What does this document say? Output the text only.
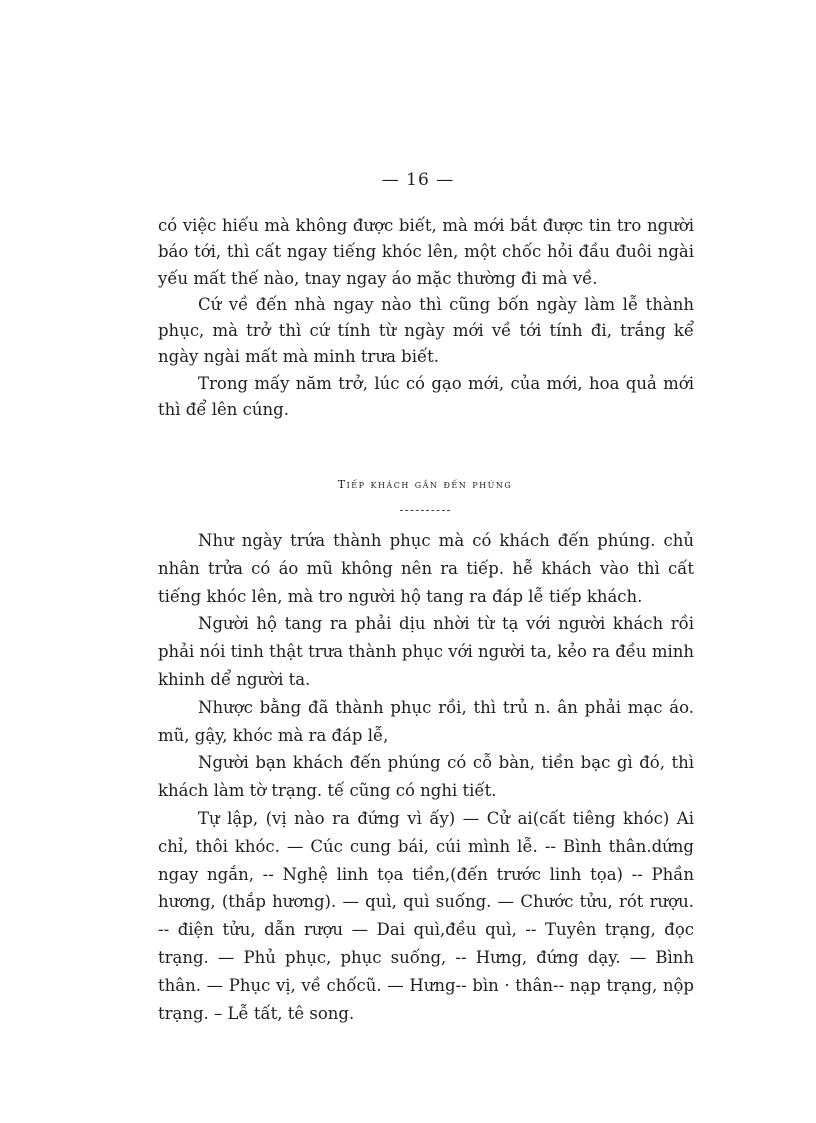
— 16 —

có việc hiếu mà không được biết, mà mới bắt được tin tro người báo tới, thì cất ngay tiếng khóc lên, một chốc hỏi đầu đuôi ngài yếu mất thế nào, tnay ngay áo mặc thường đi mà về.

Cứ về đến nhà ngay nào thì cũng bốn ngày làm lễ thành phục, mà trở thì cứ tính từ ngày mới về tới tính đi, trắng kể ngày ngài mất mà minh trưa biết.

Trong mấy năm trở, lúc có gạo mới, của mới, hoa quả mới thì để lên cúng.

Tiếp khách gần đến phúng

Như ngày trứa thành phục mà có khách đến phúng. chủ nhân trửa có áo mũ không nên ra tiếp. hễ khách vào thì cất tiếng khóc lên, mà tro người hộ tang ra đáp lễ tiếp khách.

Người hộ tang ra phải dịu nhời từ tạ với người khách rồi phải nói tinh thật trưa thành phục với người ta, kẻo ra đều minh khinh dể người ta.

Nhược bằng đã thành phục rồi, thì trủ n. ân phải mạc áo. mũ, gậy, khóc mà ra đáp lễ,

Người bạn khách đến phúng có cỗ bàn, tiền bạc gì đó, thì khách làm tờ trạng. tế cũng có nghi tiết.

Tự lập, (vị nào ra đứng vì ấy) — Cử ai(cất tiêng khóc) Ai chỉ, thôi khóc. — Cúc cung bái, cúi mình lễ. -- Bình thân.dứng ngay ngắn, -- Nghệ linh tọa tiền,(đến trước linh tọa) -- Phần hương, (thắp hương). — quì, quì suống. — Chước tửu, rót rượu. -- điện tửu, dẫn rượu — Dai quì,đều quì, -- Tuyên trạng, đọc trạng. — Phủ phục, phục suống, -- Hưng, đứng dạy. — Bình thân. — Phục vị, về chốcũ. — Hưng-- bìn · thân-- nạp trạng, nộp trạng. – Lễ tất, tê song.
